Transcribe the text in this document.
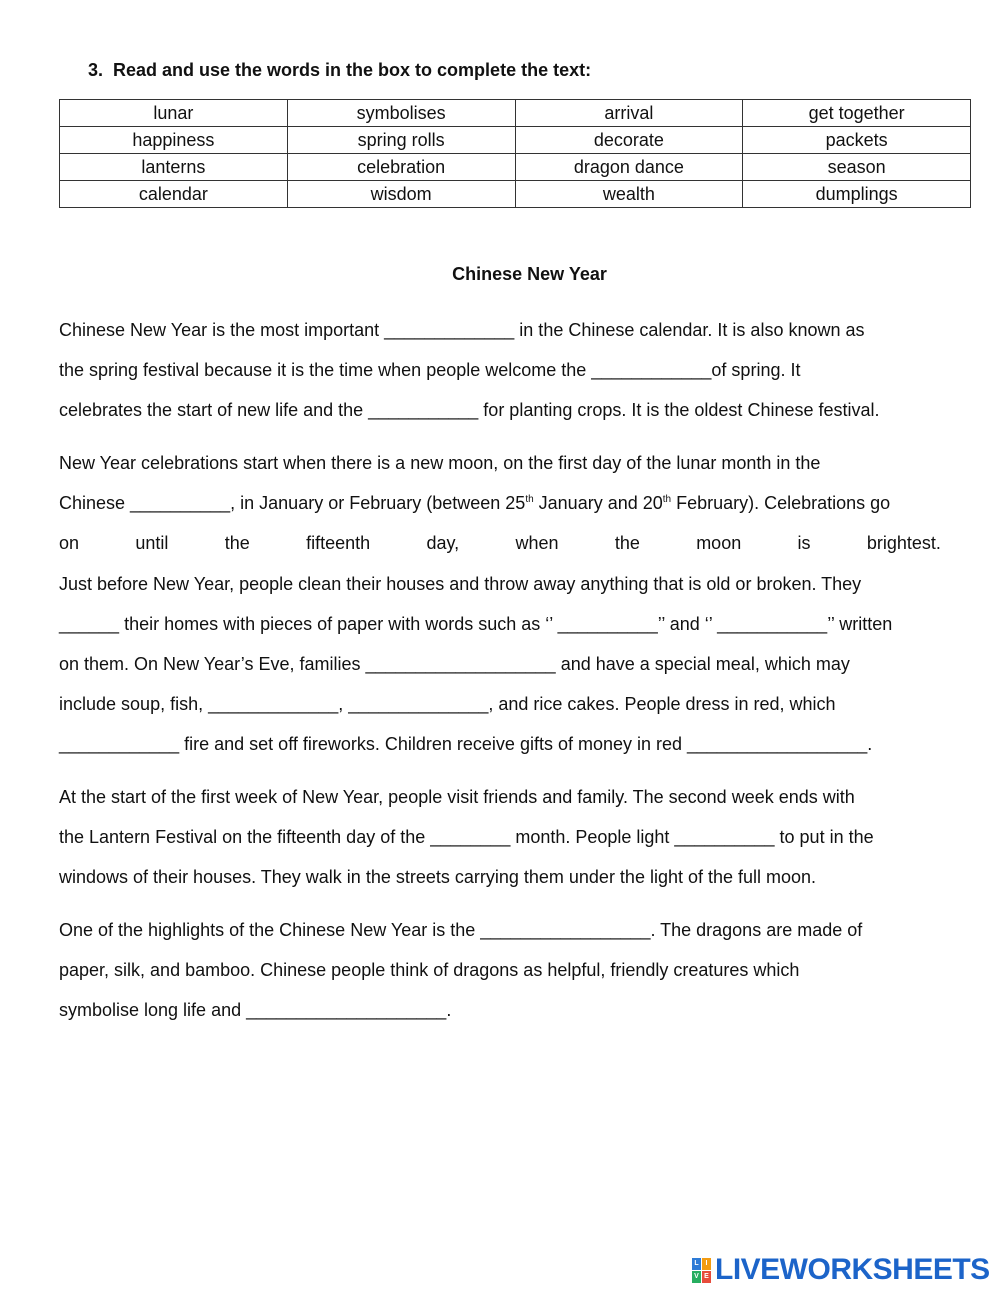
3. Read and use the words in the box to complete the text:

lunar	symbolises	arrival	get together
happiness	spring rolls	decorate	packets
lanterns	celebration	dragon dance	season
calendar	wisdom	wealth	dumplings
Chinese New Year
Chinese New Year is the most important _____________ in the Chinese calendar. It is also known as
the spring festival because it is the time when people welcome the ____________of spring. It
celebrates the start of new life and the ___________ for planting crops. It is the oldest Chinese festival.
New Year celebrations start when there is a new moon, on the first day of the lunar month in the
Chinese __________, in January or February (between 25th January and 20th February). Celebrations go
on	until	the	fifteenth	day,	when	the	moon	is	brightest.
Just before New Year, people clean their houses and throw away anything that is old or broken. They
______ their homes with pieces of paper with words such as ‘’ __________’’ and ‘’ ___________’’ written
on them. On New Year’s Eve, families ___________________ and have a special meal, which may
include soup, fish, _____________, ______________, and rice cakes. People dress in red, which
____________ fire and set off fireworks. Children receive gifts of money in red __________________.
At the start of the first week of New Year, people visit friends and family. The second week ends with
the Lantern Festival on the fifteenth day of the ________ month. People light __________ to put in the
windows of their houses. They walk in the streets carrying them under the light of the full moon.
One of the highlights of the Chinese New Year is the _________________. The dragons are made of
paper, silk, and bamboo. Chinese people think of dragons as helpful, friendly creatures which
symbolise long life and ____________________.
L I
V E LIVEWORKSHEETS
